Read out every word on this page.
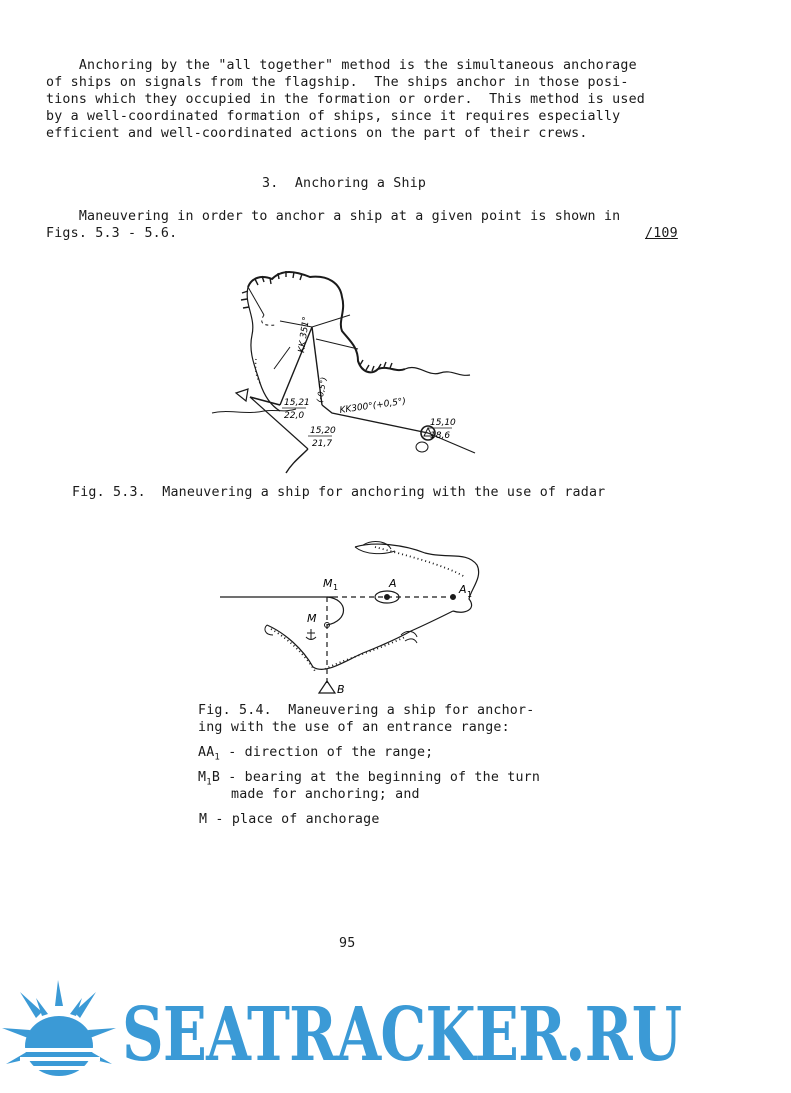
Anchoring by the "all together" method is the simultaneous anchorage
of ships on signals from the flagship.  The ships anchor in those posi-
tions which they occupied in the formation or order.  This method is used
by a well-coordinated formation of ships, since it requires especially
efficient and well-coordinated actions on the part of their crews.
3.  Anchoring a Ship
Maneuvering in order to anchor a ship at a given point is shown in
Figs. 5.3 - 5.6.	/109
KK 351°
KK300°(+0,5°)
(-0,5°)
15,21
22,0
15,20
21,7
15,10
18,6
Fig. 5.3.  Maneuvering a ship for anchoring with the use of radar
M 1	A	A 1
M
B
Fig. 5.4.  Maneuvering a ship for anchor-
ing with the use of an entrance range:
$AA_1$ - direction of the range;
$M_1B$ - bearing at the beginning of the turn
made for anchoring; and
M - place of anchorage
95
SEATRACKER.RU
